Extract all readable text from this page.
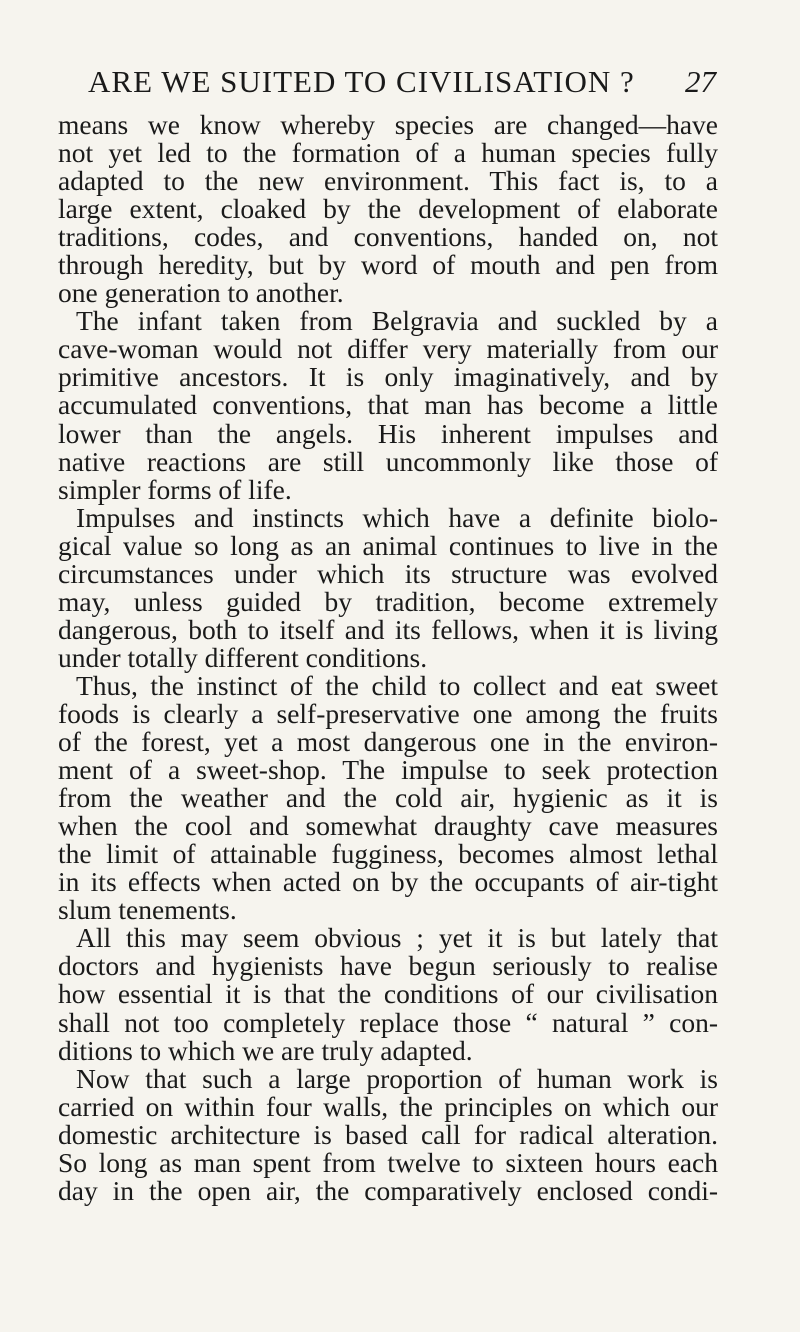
ARE WE SUITED TO CIVILISATION ? 27
means we know whereby species are changed—have
not yet led to the formation of a human species fully
adapted to the new environment. This fact is, to a
large extent, cloaked by the development of elaborate
traditions, codes, and conventions, handed on, not
through heredity, but by word of mouth and pen from
one generation to another.
The infant taken from Belgravia and suckled by a
cave-woman would not differ very materially from our
primitive ancestors. It is only imaginatively, and by
accumulated conventions, that man has become a little
lower than the angels. His inherent impulses and
native reactions are still uncommonly like those of
simpler forms of life.
Impulses and instincts which have a definite biolo-
gical value so long as an animal continues to live in the
circumstances under which its structure was evolved
may, unless guided by tradition, become extremely
dangerous, both to itself and its fellows, when it is living
under totally different conditions.
Thus, the instinct of the child to collect and eat sweet
foods is clearly a self-preservative one among the fruits
of the forest, yet a most dangerous one in the environ-
ment of a sweet-shop. The impulse to seek protection
from the weather and the cold air, hygienic as it is
when the cool and somewhat draughty cave measures
the limit of attainable fugginess, becomes almost lethal
in its effects when acted on by the occupants of air-tight
slum tenements.
All this may seem obvious ; yet it is but lately that
doctors and hygienists have begun seriously to realise
how essential it is that the conditions of our civilisation
shall not too completely replace those “ natural ” con-
ditions to which we are truly adapted.
Now that such a large proportion of human work is
carried on within four walls, the principles on which our
domestic architecture is based call for radical alteration.
So long as man spent from twelve to sixteen hours each
day in the open air, the comparatively enclosed condi-
